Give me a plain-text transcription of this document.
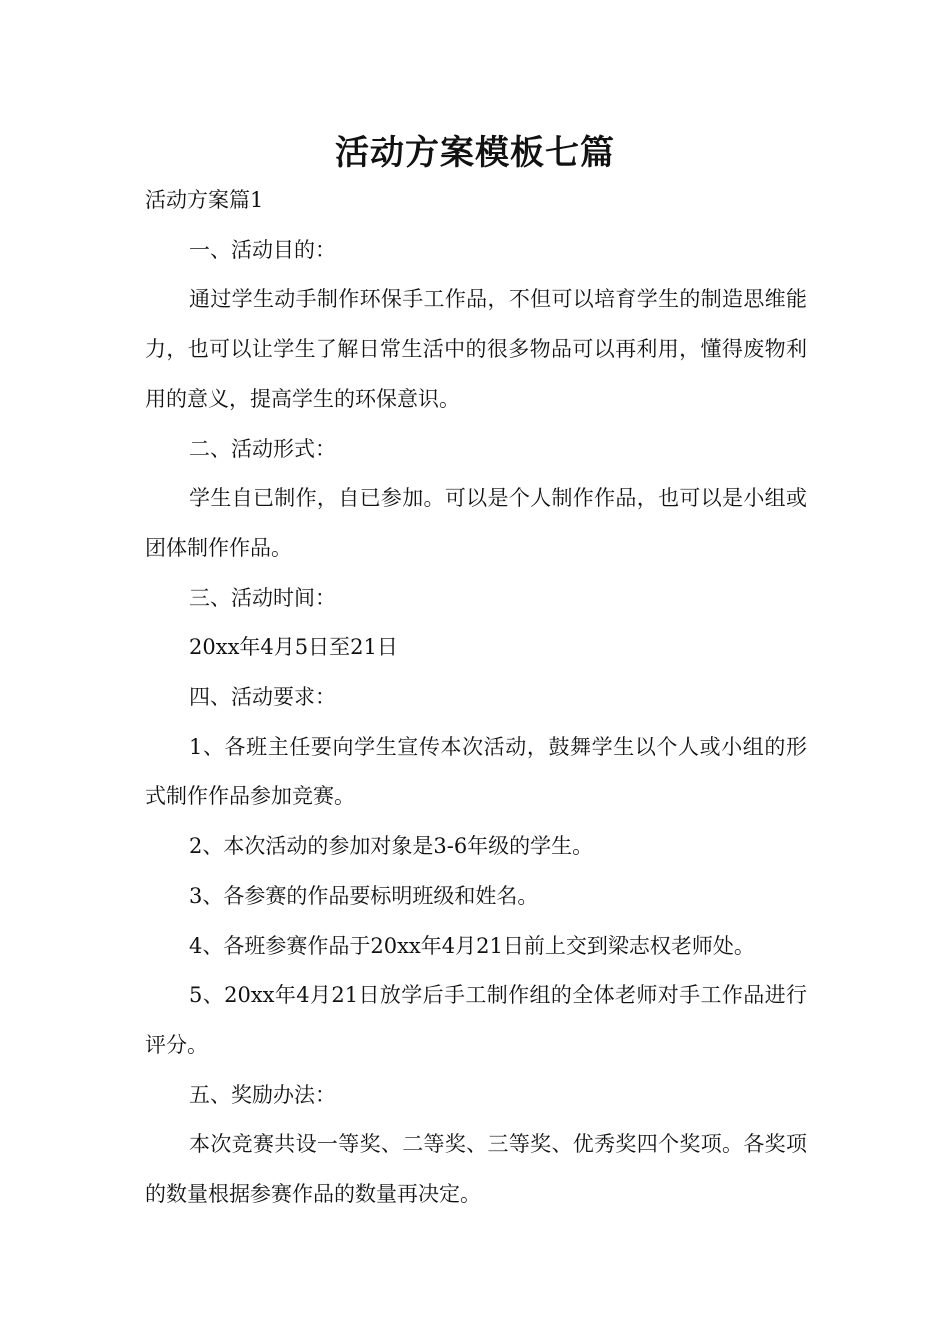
活动方案模板七篇

活动方案篇1

一、活动目的：

通过学生动手制作环保手工作品，不但可以培育学生的制造思维能力，也可以让学生了解日常生活中的很多物品可以再利用，懂得废物利用的意义，提高学生的环保意识。

二、活动形式：

学生自已制作，自已参加。可以是个人制作作品，也可以是小组或团体制作作品。

三、活动时间：

20xx年4月5日至21日

四、活动要求：

1、各班主任要向学生宣传本次活动，鼓舞学生以个人或小组的形式制作作品参加竞赛。

2、本次活动的参加对象是3-6年级的学生。

3、各参赛的作品要标明班级和姓名。

4、各班参赛作品于20xx年4月21日前上交到梁志权老师处。

5、20xx年4月21日放学后手工制作组的全体老师对手工作品进行评分。

五、奖励办法：

本次竞赛共设一等奖、二等奖、三等奖、优秀奖四个奖项。各奖项的数量根据参赛作品的数量再决定。
